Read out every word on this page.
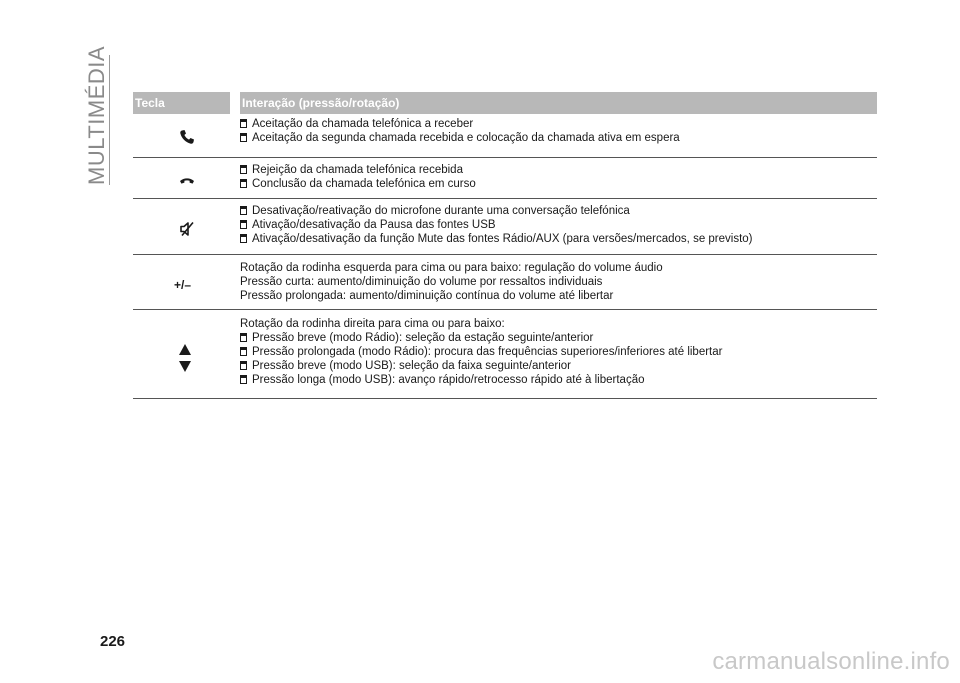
MULTIMÉDIA Tecla	Interação (pressão/rotação)
Aceitação da chamada telefónica a receber
Aceitação da segunda chamada recebida e colocação da chamada ativa em espera
Rejeição da chamada telefónica recebida
Conclusão da chamada telefónica em curso
Desativação/reativação do microfone durante uma conversação telefónica
Ativação/desativação da Pausa das fontes USB
Ativação/desativação da função Mute das fontes Rádio/AUX (para versões/mercados, se previsto)
+/–
Rotação da rodinha esquerda para cima ou para baixo: regulação do volume áudio
Pressão curta: aumento/diminuição do volume por ressaltos individuais
Pressão prolongada: aumento/diminuição contínua do volume até libertar
Rotação da rodinha direita para cima ou para baixo:
Pressão breve (modo Rádio): seleção da estação seguinte/anterior
Pressão prolongada (modo Rádio): procura das frequências superiores/inferiores até libertar
Pressão breve (modo USB): seleção da faixa seguinte/anterior
Pressão longa (modo USB): avanço rápido/retrocesso rápido até à libertação
226
carmanualsonline.info
